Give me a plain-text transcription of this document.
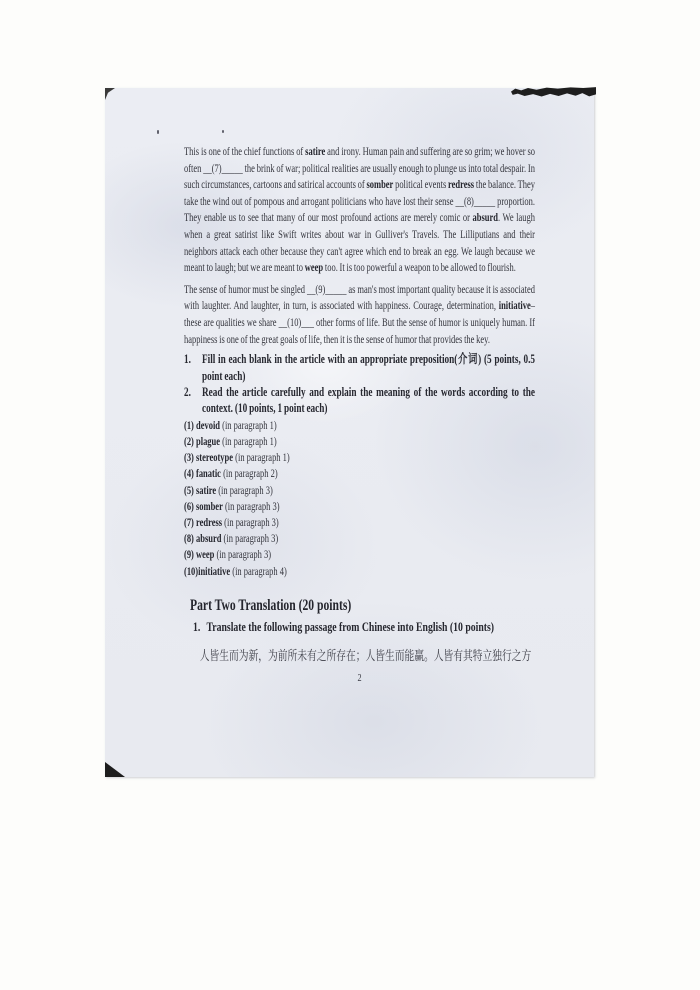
This is one of the chief functions of satire and irony. Human pain and suffering are so grim; we hover so often __(7)_____ the brink of war; political realities are usually enough to plunge us into total despair. In such circumstances, cartoons and satirical accounts of somber political events redress the balance. They take the wind out of pompous and arrogant politicians who have lost their sense __(8)_____ proportion. They enable us to see that many of our most profound actions are merely comic or absurd. We laugh when a great satirist like Swift writes about war in Gulliver's Travels. The Lilliputians and their neighbors attack each other because they can't agree which end to break an egg. We laugh because we meant to laugh; but we are meant to weep too. It is too powerful a weapon to be allowed to flourish.

The sense of humor must be singled __(9)_____ as man's most important quality because it is associated with laughter. And laughter, in turn, is associated with happiness. Courage, determination, initiative– these are qualities we share __(10)___ other forms of life. But the sense of humor is uniquely human. If happiness is one of the great goals of life, then it is the sense of humor that provides the key.

1. Fill in each blank in the article with an appropriate preposition(介词) (5 points, 0.5 point each)

2. Read the article carefully and explain the meaning of the words according to the context. (10 points, 1 point each)

(1) devoid (in paragraph 1)
(2) plague (in paragraph 1)
(3) stereotype (in paragraph 1)
(4) fanatic (in paragraph 2)
(5) satire (in paragraph 3)
(6) somber (in paragraph 3)
(7) redress (in paragraph 3)
(8) absurd (in paragraph 3)
(9) weep (in paragraph 3)
(10)initiative (in paragraph 4)
Part Two Translation (20 points)

1. Translate the following passage from Chinese into English (10 points)

人皆生而为新，为前所未有之所存在；人皆生而能赢。人皆有其特立独行之方

2
